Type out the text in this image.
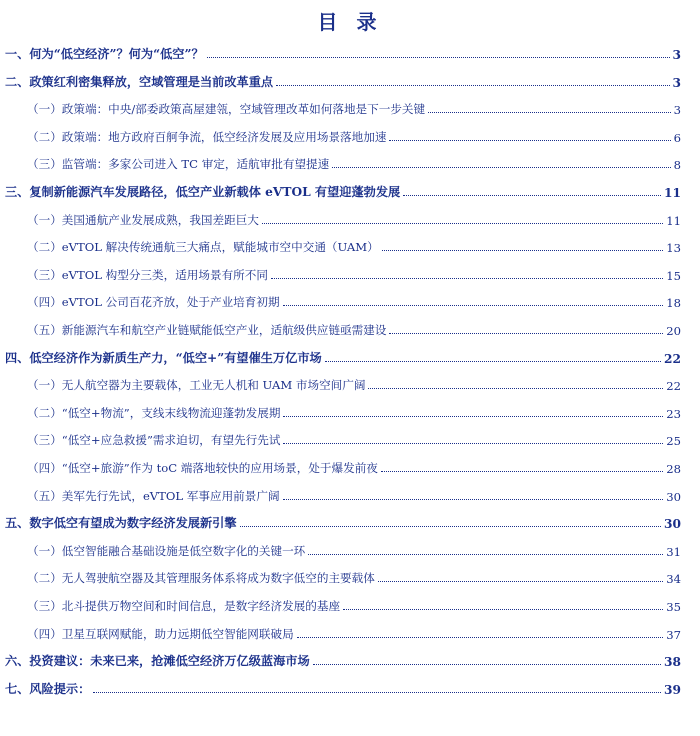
目 录
一、何为“低空经济”？何为“低空”？	3
二、政策红利密集释放，空域管理是当前改革重点	3
（一）政策端：中央/部委政策高屋建瓴，空域管理改革如何落地是下一步关键	3
（二）政策端：地方政府百舸争流，低空经济发展及应用场景落地加速	6
（三）监管端：多家公司进入 TC 审定，适航审批有望提速	8
三、复制新能源汽车发展路径，低空产业新载体 eVTOL 有望迎蓬勃发展	11
（一）美国通航产业发展成熟，我国差距巨大	11
（二）eVTOL 解决传统通航三大痛点，赋能城市空中交通（UAM）	13
（三）eVTOL 构型分三类，适用场景有所不同	15
（四）eVTOL 公司百花齐放，处于产业培育初期	18
（五）新能源汽车和航空产业链赋能低空产业，适航级供应链亟需建设	20
四、低空经济作为新质生产力，“低空+”有望催生万亿市场	22
（一）无人航空器为主要载体，工业无人机和 UAM 市场空间广阔	22
（二）“低空+物流”，支线末线物流迎蓬勃发展期	23
（三）“低空+应急救援”需求迫切，有望先行先试	25
（四）“低空+旅游”作为 toC 端落地较快的应用场景，处于爆发前夜	28
（五）美军先行先试，eVTOL 军事应用前景广阔	30
五、数字低空有望成为数字经济发展新引擎	30
（一）低空智能融合基础设施是低空数字化的关键一环	31
（二）无人驾驶航空器及其管理服务体系将成为数字低空的主要载体	34
（三）北斗提供万物空间和时间信息，是数字经济发展的基座	35
（四）卫星互联网赋能，助力远期低空智能网联破局	37
六、投资建议：未来已来，抢滩低空经济万亿级蓝海市场	38
七、风险提示：	39
